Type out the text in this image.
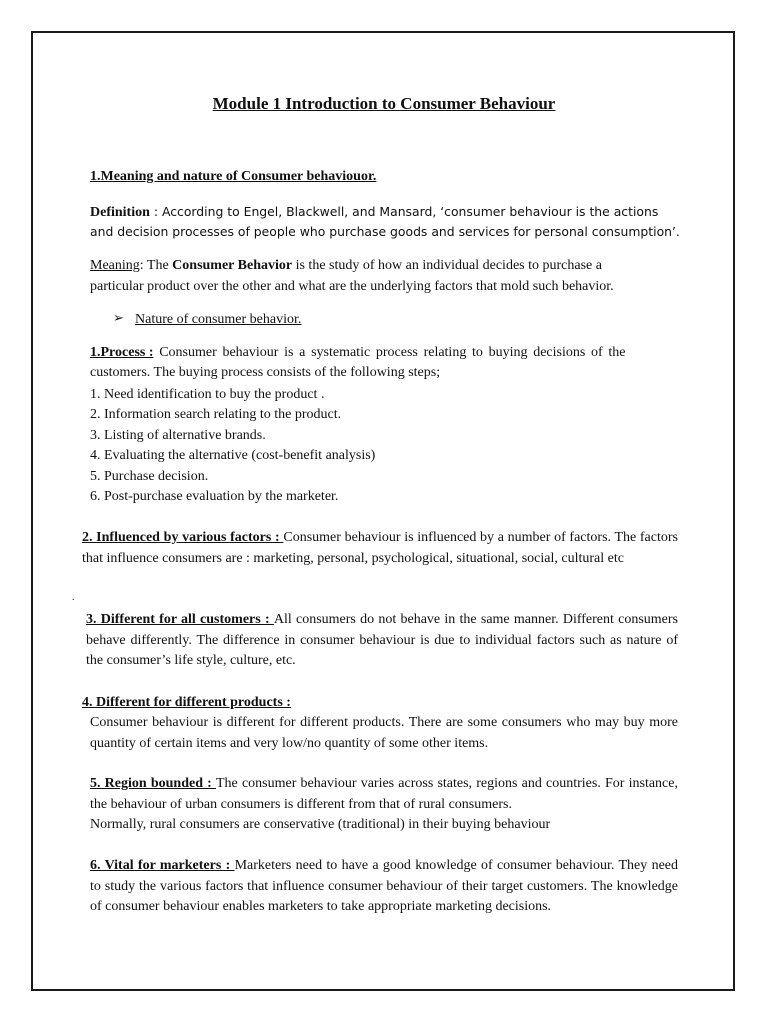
Module 1 Introduction to Consumer Behaviour
1.Meaning and nature of Consumer behaviouor.
Definition : According to Engel, Blackwell, and Mansard, ‘consumer behaviour is the actions
and decision processes of people who purchase goods and services for personal consumption’.
Meaning: The Consumer Behavior is the study of how an individual decides to purchase a
particular product over the other and what are the underlying factors that mold such behavior.
➢ Nature of consumer behavior.
1.Process : Consumer behaviour is a systematic process relating to buying decisions of the
customers. The buying process consists of the following steps;
1. Need identification to buy the product .
2. Information search relating to the product.
3. Listing of alternative brands.
4. Evaluating the alternative (cost-benefit analysis)
5. Purchase decision.
6. Post-purchase evaluation by the marketer.
2. Influenced by various factors : Consumer behaviour is influenced by a number of factors. The factors that influence consumers are : marketing, personal, psychological, situational, social, cultural etc
.
3. Different for all customers : All consumers do not behave in the same manner. Different consumers behave differently. The difference in consumer behaviour is due to individual factors such as nature of the consumer’s life style, culture, etc.
4. Different for different products :
Consumer behaviour is different for different products. There are some consumers who may buy more quantity of certain items and very low/no quantity of some other items.
5. Region bounded : The consumer behaviour varies across states, regions and countries. For instance, the behaviour of urban consumers is different from that of rural consumers.
Normally, rural consumers are conservative (traditional) in their buying behaviour
6. Vital for marketers : Marketers need to have a good knowledge of consumer behaviour. They need to study the various factors that influence consumer behaviour of their target customers. The knowledge of consumer behaviour enables marketers to take appropriate marketing decisions.
